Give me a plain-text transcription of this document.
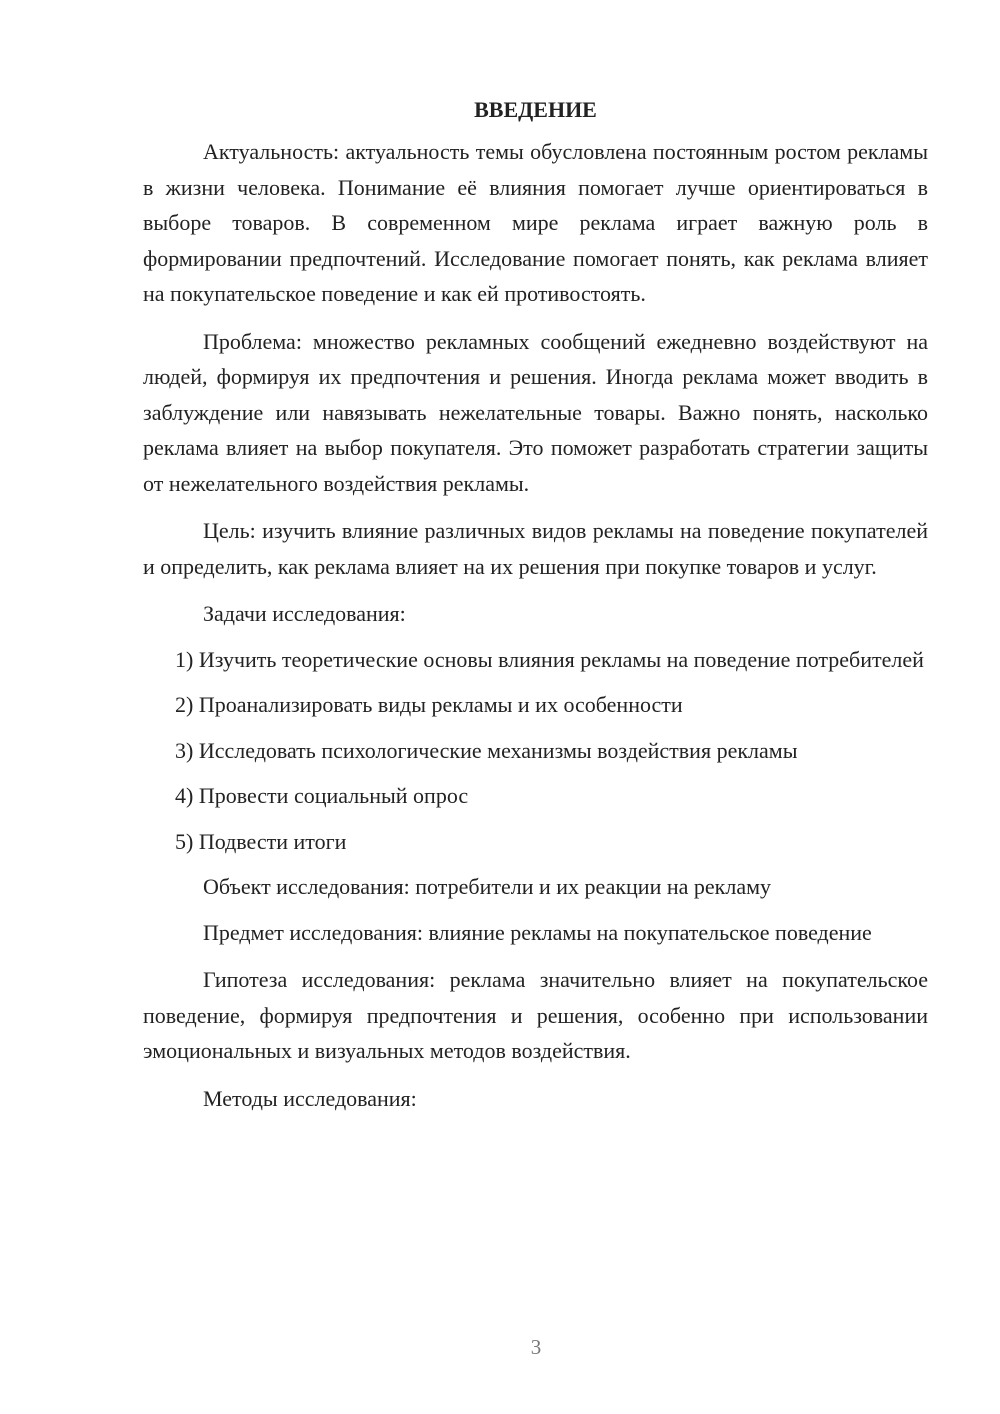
ВВЕДЕНИЕ

Актуальность: актуальность темы обусловлена постоянным ростом рекламы в жизни человека. Понимание её влияния помогает лучше ориентироваться в выборе товаров. В современном мире реклама играет важную роль в формировании предпочтений. Исследование помогает понять, как реклама влияет на покупательское поведение и как ей противостоять.

Проблема: множество рекламных сообщений ежедневно воздействуют на людей, формируя их предпочтения и решения. Иногда реклама может вводить в заблуждение или навязывать нежелательные товары. Важно понять, насколько реклама влияет на выбор покупателя. Это поможет разработать стратегии защиты от нежелательного воздействия рекламы.

Цель: изучить влияние различных видов рекламы на поведение покупателей и определить, как реклама влияет на их решения при покупке товаров и услуг.

Задачи исследования:

1) Изучить теоретические основы влияния рекламы на поведение потребителей

2) Проанализировать виды рекламы и их особенности

3) Исследовать психологические механизмы воздействия рекламы

4) Провести социальный опрос

5) Подвести итоги

Объект исследования: потребители и их реакции на рекламу

Предмет исследования: влияние рекламы на покупательское поведение

Гипотеза исследования: реклама значительно влияет на покупательское поведение, формируя предпочтения и решения, особенно при использовании эмоциональных и визуальных методов воздействия.

Методы исследования:

3
